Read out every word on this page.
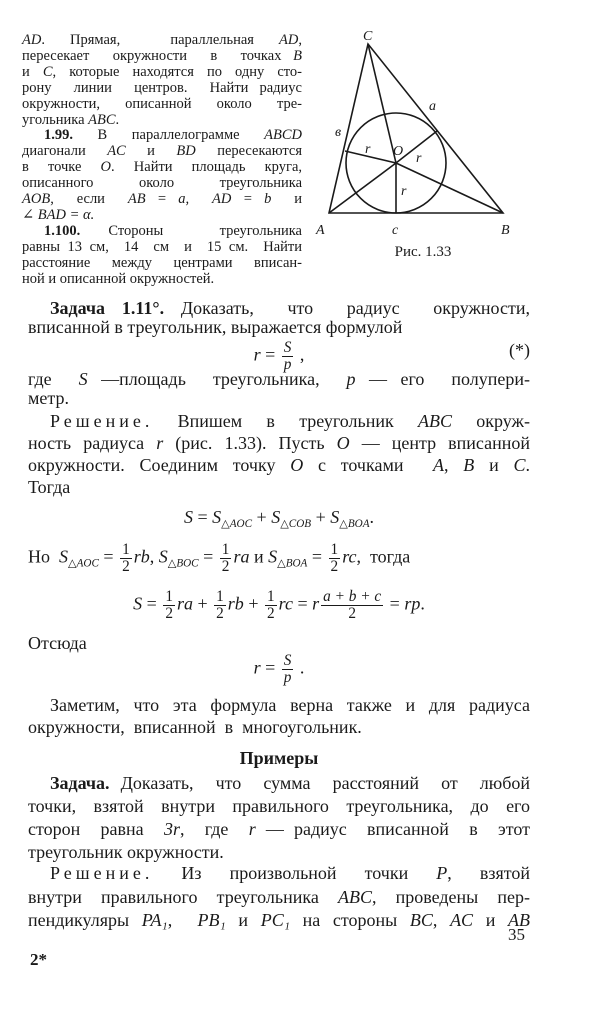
AD. Прямая,  параллельная AD,
пересекает  окружности  в  точках B
и C, которые находятся по одну сто-
рону  линии  центров.  Найти радиус
окружности,  описанной  около  тре-
угольника ABC.
1.99. В параллелограмме ABCD
диагонали AC и BD пересекаются
в точке O. Найти площадь круга,
описанного    около    треугольника
AOB,  если  AB = a, AD = b  и
∠ BAD = α.
1.100. Стороны  треугольника
равны 13 см,  14  см  и  15 см.  Найти
расстояние между центрами вписан-
ной и описанной окружностей.
C
A	B
a
в
c
O
r
r
r
Рис. 1.33
Задача 1.11°. Доказать,  что  радиус  окружности,
вписанной в треугольник, выражается формулой
$r = \frac{S}{p}$ ,	(*)
где  S —площадь  треугольника,  p — его  полупери-
метр.
Решение. Впишем в треугольник ABC окруж-
ность радиуса r (рис. 1.33). Пусть O — центр вписанной
окружности. Соединим точку O с точками  A, B и C.
Тогда
$S = S_{\triangle AOC} + S_{\triangle COB} + S_{\triangle BOA}$.
Но  $S_{\triangle AOC} = \frac{1}{2}$ rb, $S_{\triangle BOC} = \frac{1}{2}$ ra и $S_{\triangle BOA} = \frac{1}{2}$ rc,  тогда
$S = \frac{1}{2}$ ra + $\frac{1}{2}$ rb + $\frac{1}{2}$ rc = r $\frac{a + b + c}{2}$ = rp.
Отсюда
$r = \frac{S}{p}$ .
Заметим, что эта формула верна также и для радиуса
окружности,  вписанной  в  многоугольник.
Примеры
Задача. Доказать,  что  сумма  расстояний  от  любой
точки, взятой внутри правильного треугольника, до его
сторон  равна  3r,  где  r — радиус  вписанной  в  этот
треугольник окружности.
Решение.  Из  произвольной  точки  P,  взятой
внутри правильного треугольника ABC, проведены пер-
пендикуляры PA₁,  PB₁ и PC₁ на стороны BC, AC и AB
35
2*
